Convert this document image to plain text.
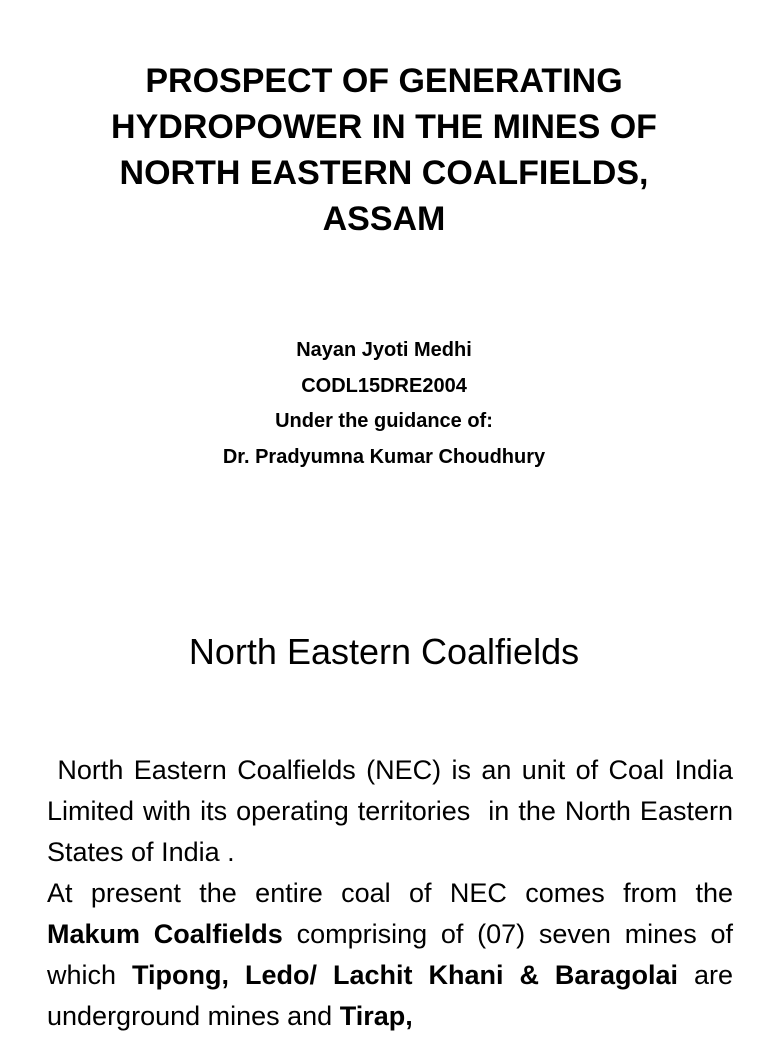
PROSPECT OF GENERATING
HYDROPOWER IN THE MINES OF
NORTH EASTERN COALFIELDS,
ASSAM
Nayan Jyoti Medhi
CODL15DRE2004
Under the guidance of:
Dr. Pradyumna Kumar Choudhury
North Eastern Coalfields

North Eastern Coalfields (NEC) is an unit of Coal India Limited with its operating territories  in the North Eastern States of India .

At present the entire coal of NEC comes from the Makum Coalfields comprising of (07) seven mines of which Tipong, Ledo/ Lachit Khani & Baragolai are underground mines and Tirap,
